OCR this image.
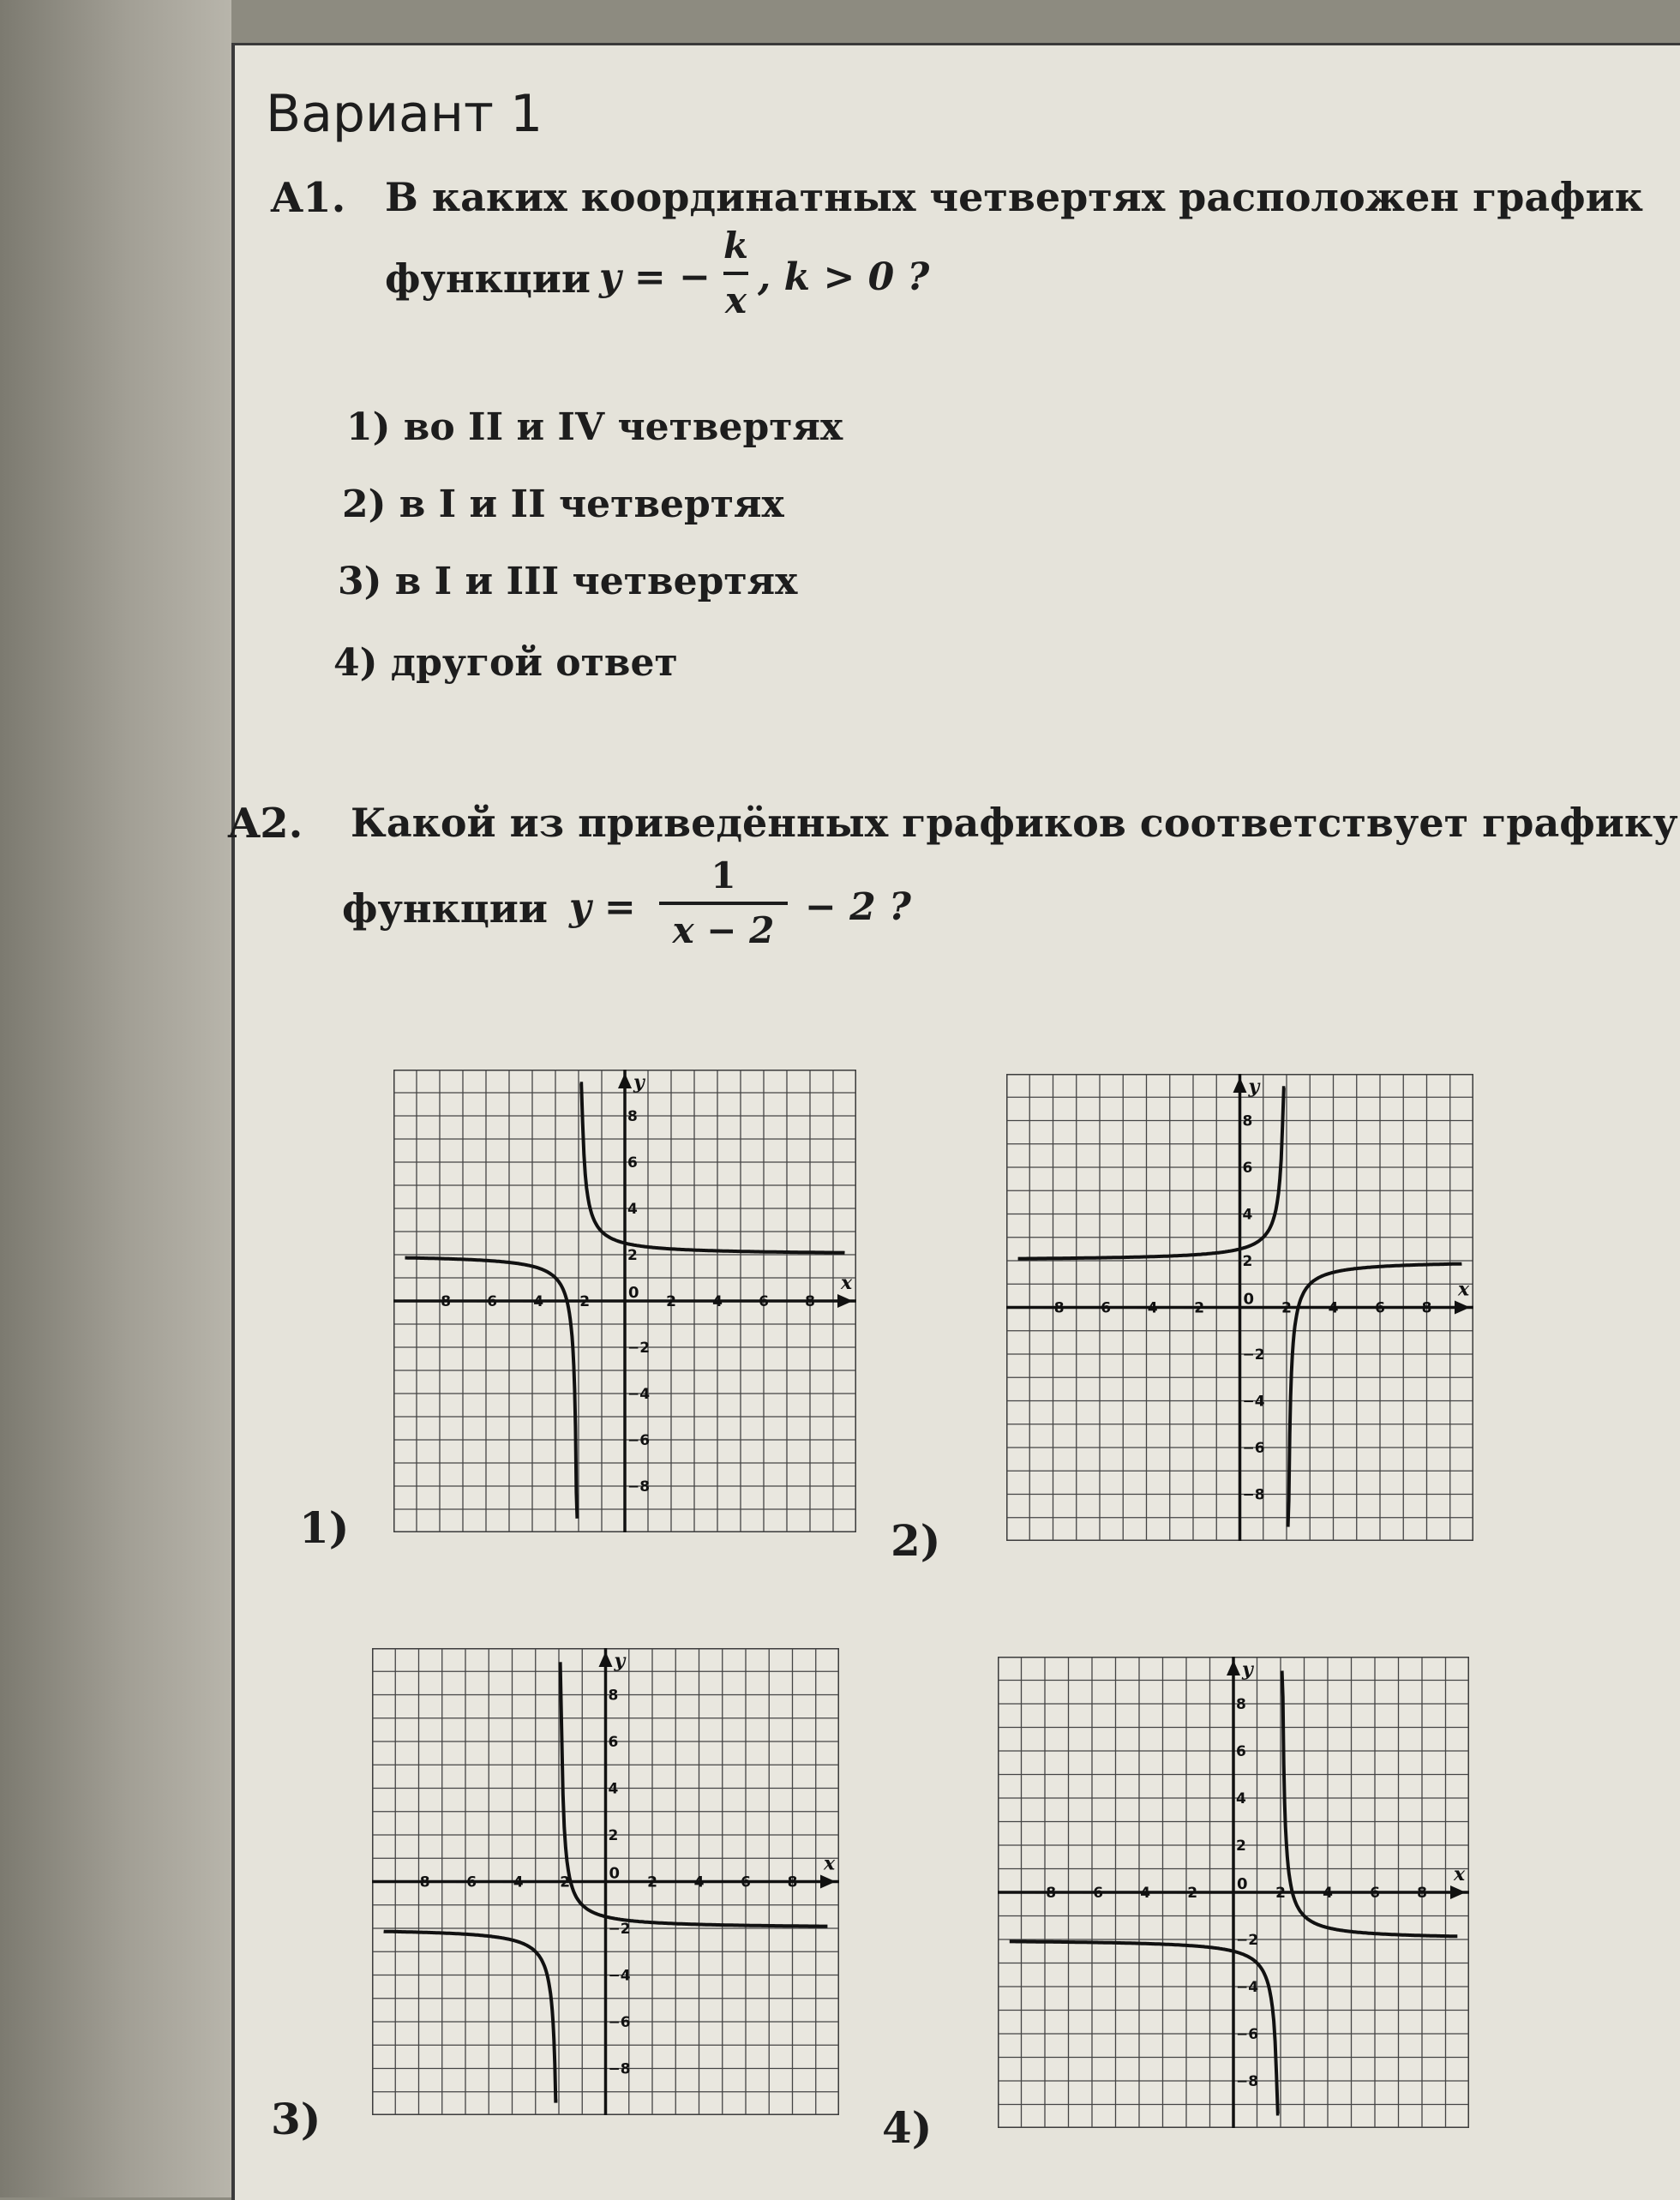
Вариант 1
A1. В каких координатных четвертях расположен график
функции y = −
k
x
, k > 0 ?
1) во II и IV четвертях
2) в I и II четвертях
3) в I и III четвертях
4) другой ответ
A2. Какой из приведённых графиков соответствует графику
функции y =
1
x − 2
− 2 ?
x
y
0
−8 −6 −4 −2	2 4 6 8
−8
−6
−4
−2
2
4
6
8
x
y
0
−8 −6 −4 −2	2	4	6	8
−8
−6
−4
−2
2
4
6
8
x
y
0
−8 −6 −4 −2	2	4	6	8
−8
−6
−4
−2
2
4
6
8
x
y
0
−8 −6 −4 −2	2	4	6	8
−8
−6
−4
−2
2
4
6
8
1)	2)
3)	4)
